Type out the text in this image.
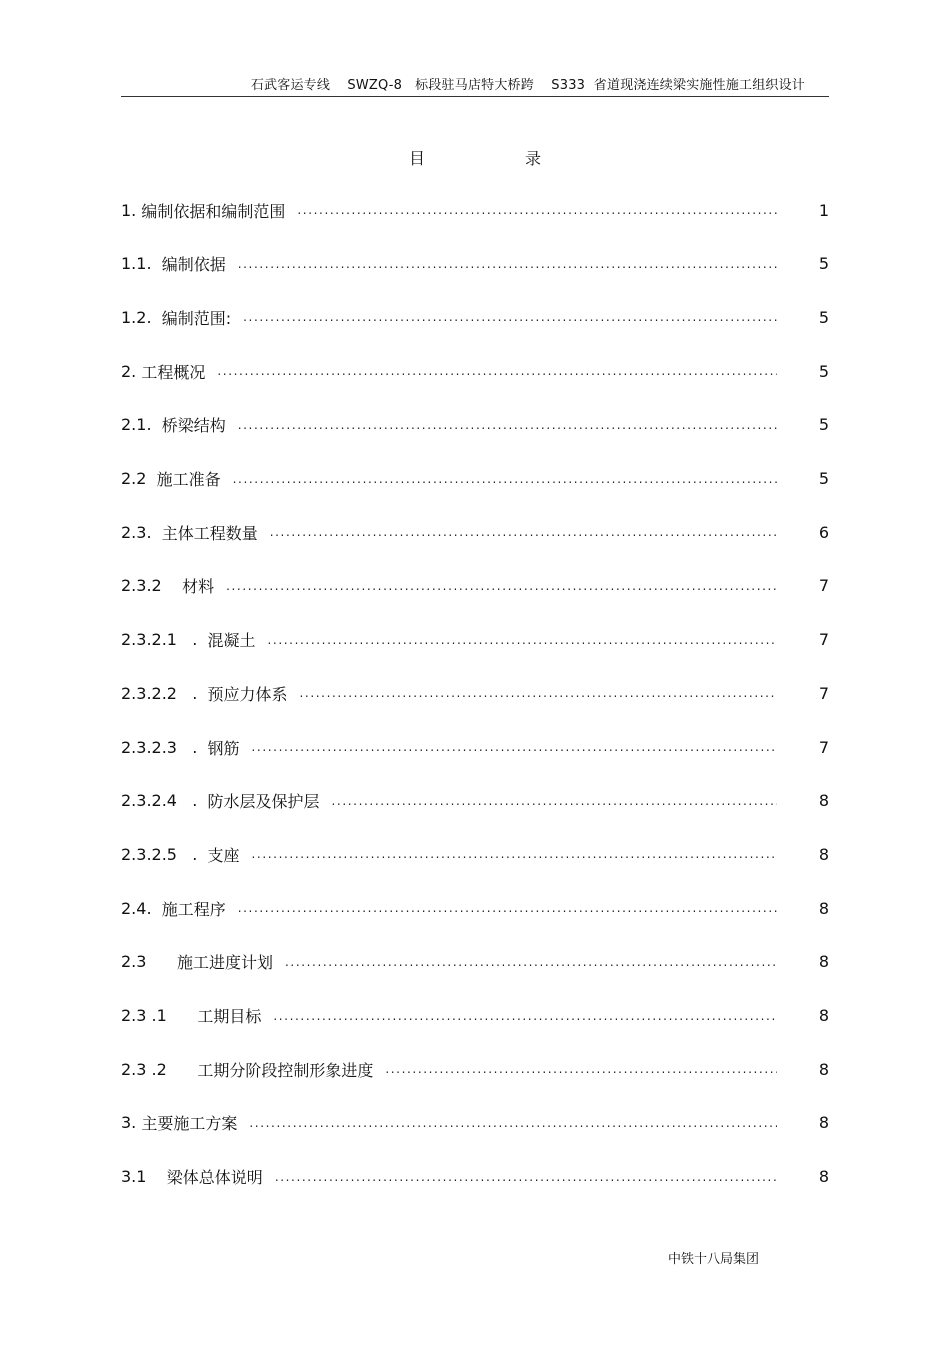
石武客运专线    SWZQ-8   标段驻马店特大桥跨    S333  省道现浇连续梁实施性施工组织设计
目	录
1. 编制依据和编制范围 .....	1
1.1. 编制依据 .....	5
1.2. 编制范围: .....	5
2. 工程概况 .....	5
2.1. 桥梁结构 .....	5
2.2 施工准备 .....	5
2.3. 主体工程数量 .....	6
2.3.2 材料 .....	7
2.3.2.1   . 混凝土 .....	7
2.3.2.2   . 预应力体系 .....	7
2.3.2.3   . 钢筋 .....	7
2.3.2.4   . 防水层及保护层 .....	8
2.3.2.5   . 支座 .....	8
2.4. 施工程序 .....	8
2.3 施工进度计划 .....	8
2.3 .1 工期目标 .....	8
2.3 .2 工期分阶段控制形象进度 .....	8
3. 主要施工方案 .....	8
3.1 梁体总体说明 .....	8
中铁十八局集团
